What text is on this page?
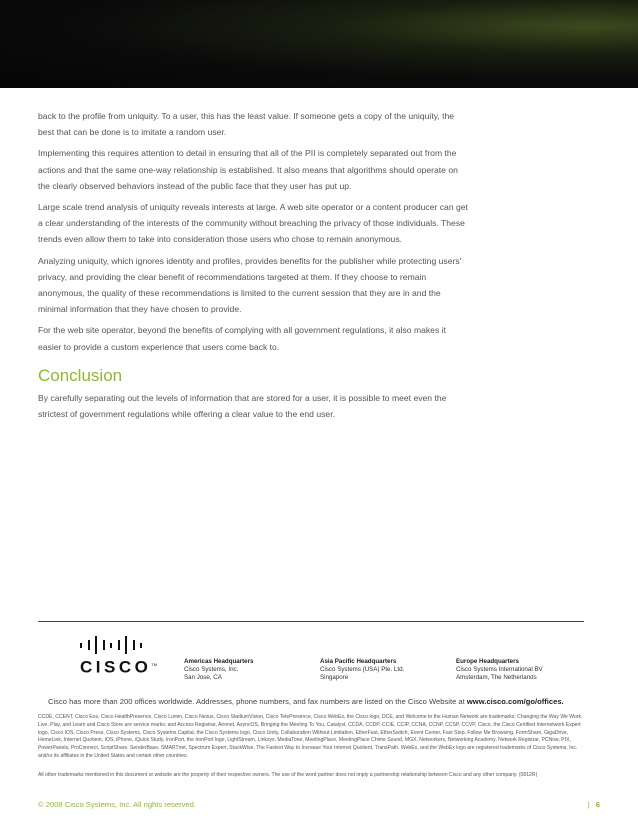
back to the profile from uniquity. To a user, this has the least value. If someone gets a copy of the uniquity, the best that can be done is to imitate a random user.

Implementing this requires attention to detail in ensuring that all of the PII is completely separated out from the actions and that the same one-way relationship is established. It also means that algorithms should operate on the clearly observed behaviors instead of the public face that they user has put up.

Large scale trend analysis of uniquity reveals interests at large. A web site operator or a content producer can get a clear understanding of the interests of the community without breaching the privacy of those individuals. These trends even allow them to take into consideration those users who chose to remain anonymous.

Analyzing uniquity, which ignores identity and profiles, provides benefits for the publisher while protecting users' privacy, and providing the clear benefit of recommendations targeted at them. If they choose to remain anonymous, the quality of these recommendations is limited to the current session that they are in and the minimal information that they have chosen to provide.

For the web site operator, beyond the benefits of complying with all government regulations, it also makes it easier to provide a custom experience that users come back to.

Conclusion

By carefully separating out the levels of information that are stored for a user, it is possible to meet even the strictest of government regulations while offering a clear value to the end user.

CISCO™	Americas Headquarters
Cisco Systems, Inc.
San Jose, CA
Asia Pacific Headquarters
Cisco Systems (USA) Pte. Ltd.
Singapore
Europe Headquarters
Cisco Systems International BV
Amsterdam, The Netherlands
Cisco has more than 200 offices worldwide. Addresses, phone numbers, and fax numbers are listed on the Cisco Website at www.cisco.com/go/offices.
CCDE, CCENT, Cisco Eos, Cisco HealthPresence, Cisco Lumin, Cisco Nexus, Cisco StadiumVision, Cisco TelePresence, Cisco WebEx, the Cisco logo, DCE, and Welcome to the Human Network are trademarks; Changing the Way We Work, Live, Play, and Learn and Cisco Store are service marks; and Access Registrar, Aironet, AsyncOS, Bringing the Meeting To You, Catalyst, CCDA, CCDP, CCIE, CCIP, CCNA, CCNP, CCSP, CCVP, Cisco, the Cisco Certified Internetwork Expert logo, Cisco IOS, Cisco Press, Cisco Systems, Cisco Systems Capital, the Cisco Systems logo, Cisco Unity, Collaboration Without Limitation, EtherFast, EtherSwitch, Event Center, Fast Step, Follow Me Browsing, FormShare, GigaDrive, HomeLink, Internet Quotient, IOS, iPhone, iQuick Study, IronPort, the IronPort logo, LightStream, Linksys, MediaTone, MeetingPlace, MeetingPlace Chime Sound, MGX, Networkers, Networking Academy, Network Registrar, PCNow, PIX, PowerPanels, ProConnect, ScriptShare, SenderBase, SMARTnet, Spectrum Expert, StackWise, The Fastest Way to Increase Your Internet Quotient, TransPath, WebEx, and the WebEx logo are registered trademarks of Cisco Systems, Inc. and/or its affiliates in the United States and certain other countries.
All other trademarks mentioned in this document or website are the property of their respective owners. The use of the word partner does not imply a partnership relationship between Cisco and any other company. (0812R)
© 2008 Cisco Systems, Inc. All rights reserved.	| 6
